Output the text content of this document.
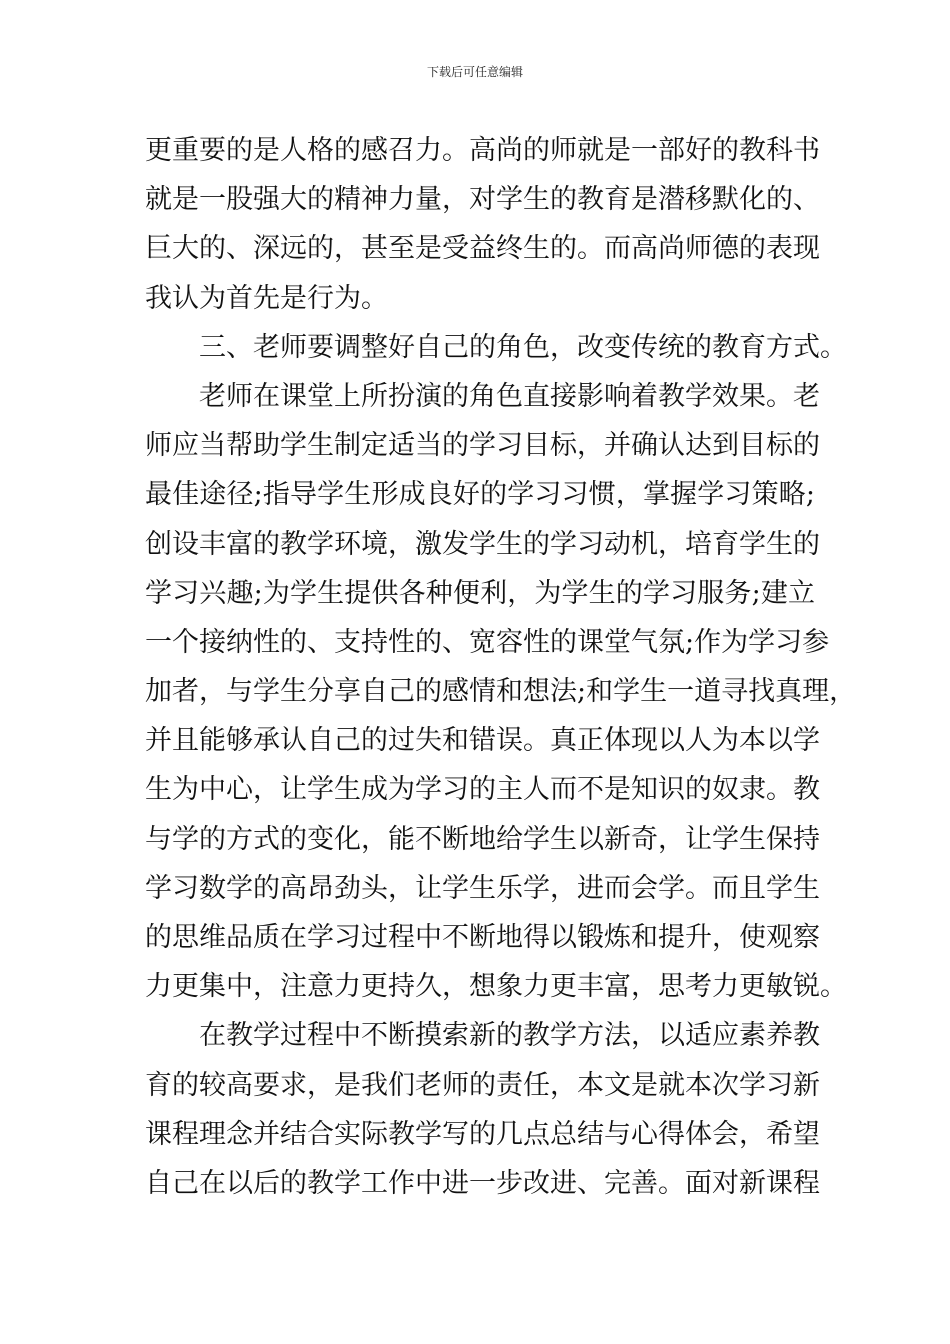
下载后可任意编辑
更重要的是人格的感召力。高尚的师就是一部好的教科书
就是一股强大的精神力量，对学生的教育是潜移默化的、
巨大的、深远的，甚至是受益终生的。而高尚师德的表现
我认为首先是行为。
三、老师要调整好自己的角色，改变传统的教育方式。
老师在课堂上所扮演的角色直接影响着教学效果。老
师应当帮助学生制定适当的学习目标，并确认达到目标的
最佳途径;指导学生形成良好的学习习惯，掌握学习策略;
创设丰富的教学环境，激发学生的学习动机，培育学生的
学习兴趣;为学生提供各种便利，为学生的学习服务;建立
一个接纳性的、支持性的、宽容性的课堂气氛;作为学习参
加者，与学生分享自己的感情和想法;和学生一道寻找真理，
并且能够承认自己的过失和错误。真正体现以人为本以学
生为中心，让学生成为学习的主人而不是知识的奴隶。教
与学的方式的变化，能不断地给学生以新奇，让学生保持
学习数学的高昂劲头，让学生乐学，进而会学。而且学生
的思维品质在学习过程中不断地得以锻炼和提升，使观察
力更集中，注意力更持久，想象力更丰富，思考力更敏锐。
在教学过程中不断摸索新的教学方法，以适应素养教
育的较高要求，是我们老师的责任，本文是就本次学习新
课程理念并结合实际教学写的几点总结与心得体会，希望
自己在以后的教学工作中进一步改进、完善。面对新课程
